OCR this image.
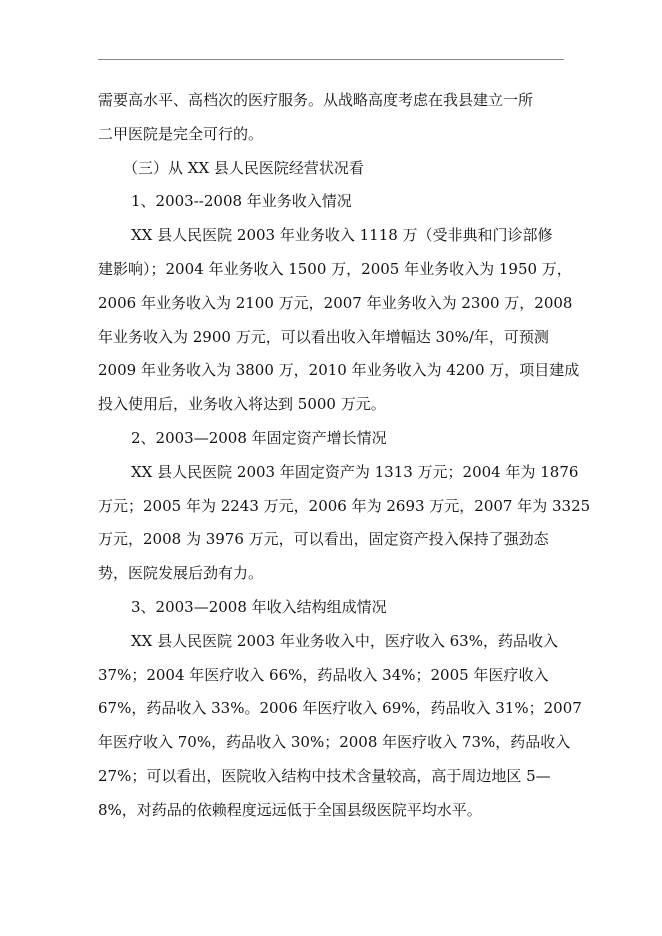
需要高水平、高档次的医疗服务。从战略高度考虑在我县建立一所
二甲医院是完全可行的。
（三）从 XX 县人民医院经营状况看
1、2003--2008 年业务收入情况
XX 县人民医院 2003 年业务收入 1118 万（受非典和门诊部修
建影响）；2004 年业务收入 1500 万，2005 年业务收入为 1950 万，
2006 年业务收入为 2100 万元，2007 年业务收入为 2300 万，2008
年业务收入为 2900 万元，可以看出收入年增幅达 30%/年，可预测
2009 年业务收入为 3800 万，2010 年业务收入为 4200 万，项目建成
投入使用后，业务收入将达到 5000 万元。
2、2003—2008 年固定资产增长情况
XX 县人民医院 2003 年固定资产为 1313 万元；2004 年为 1876
万元；2005 年为 2243 万元，2006 年为 2693 万元，2007 年为 3325
万元，2008 为 3976 万元，可以看出，固定资产投入保持了强劲态
势，医院发展后劲有力。
3、2003—2008 年收入结构组成情况
XX 县人民医院 2003 年业务收入中，医疗收入 63%，药品收入
37%；2004 年医疗收入 66%，药品收入 34%；2005 年医疗收入
67%，药品收入 33%。2006 年医疗收入 69%，药品收入 31%；2007
年医疗收入 70%，药品收入 30%；2008 年医疗收入 73%，药品收入
27%；可以看出，医院收入结构中技术含量较高，高于周边地区 5—
8%，对药品的依赖程度远远低于全国县级医院平均水平。
